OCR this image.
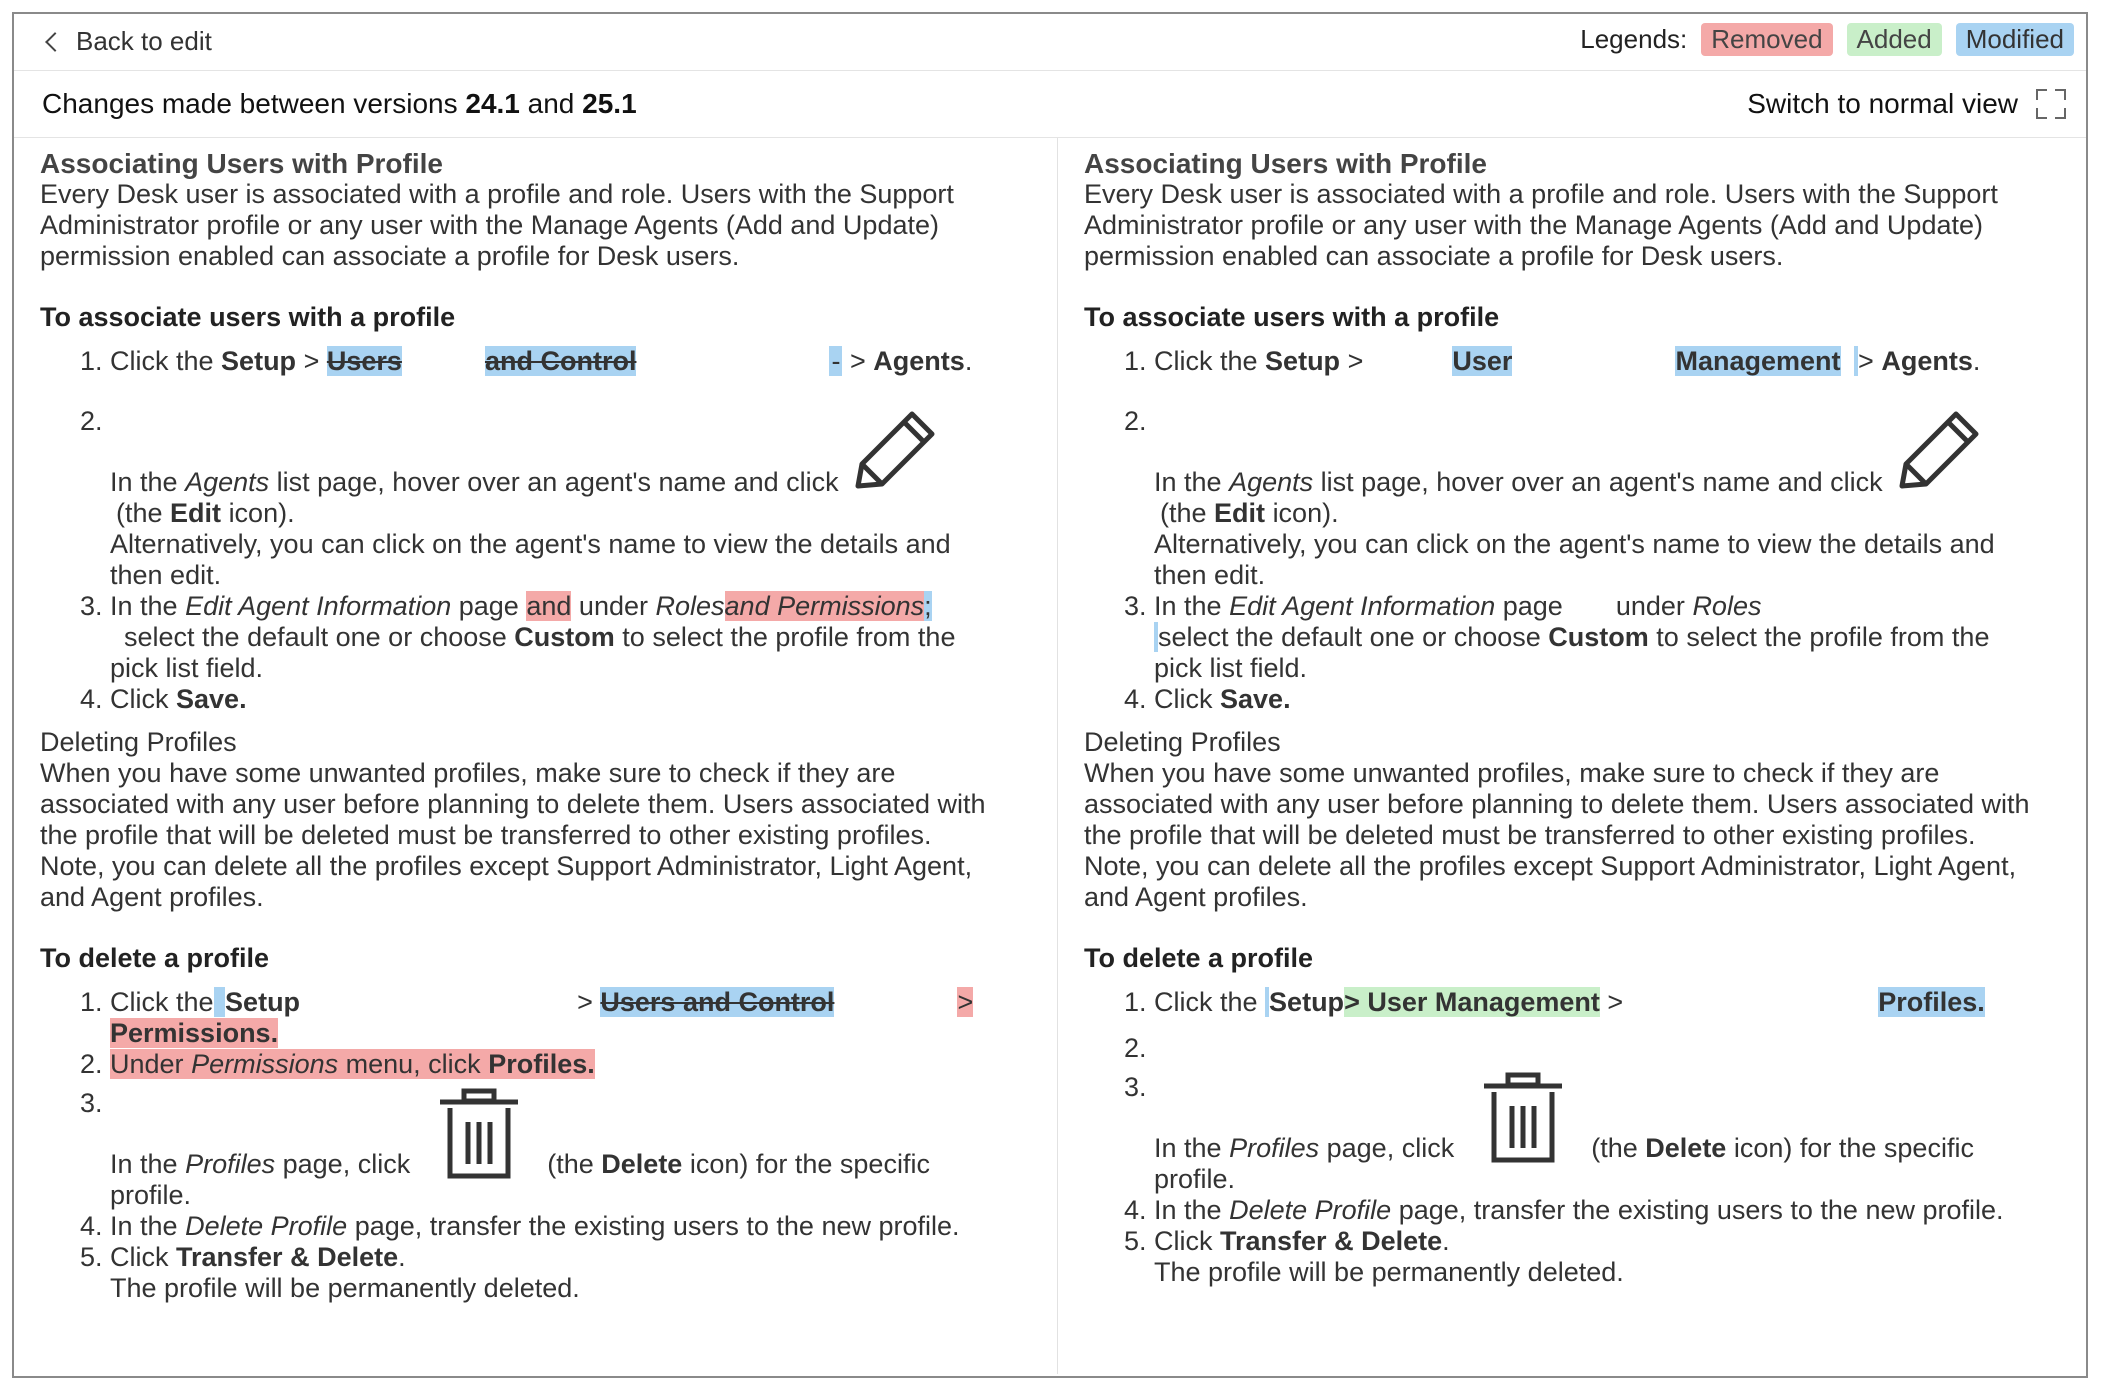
Back to edit	Legends: Removed	Added	Modified
Changes made between versions 24.1 and 25.1	Switch to normal view
Associating Users with Profile

Every Desk user is associated with a profile and role. Users with the Support

Administrator profile or any user with the Manage Agents (Add and Update)

permission enabled can associate a profile for Desk users.

To associate users with a profile
1. Click the Setup > Users	and Control	- > Agents.
2.
In the Agents list page, hover over an agent's name and click
(the Edit icon).
Alternatively, you can click on the agent's name to view the details and
then edit.
3. In the Edit Agent Information page and under Rolesand Permissions;
select the default one or choose Custom to select the profile from the
pick list field.
4. Click Save.
Deleting Profiles

When you have some unwanted profiles, make sure to check if they are

associated with any user before planning to delete them. Users associated with

the profile that will be deleted must be transferred to other existing profiles.

Note, you can delete all the profiles except Support Administrator, Light Agent,

and Agent profiles.

To delete a profile
1. Click the Setup	> Users and Control	>
Permissions.
2. Under Permissions menu, click Profiles.
3.
In the Profiles page, click	(the Delete icon) for the specific
profile.
4. In the Delete Profile page, transfer the existing users to the new profile.
5. Click Transfer & Delete.
The profile will be permanently deleted.
Associating Users with Profile

Every Desk user is associated with a profile and role. Users with the Support

Administrator profile or any user with the Manage Agents (Add and Update)

permission enabled can associate a profile for Desk users.

To associate users with a profile
1. Click the Setup >	User	Management > Agents.
2.
In the Agents list page, hover over an agent's name and click
(the Edit icon).
Alternatively, you can click on the agent's name to view the details and
then edit.
3. In the Edit Agent Information page under Roles
select the default one or choose Custom to select the profile from the
pick list field.
4. Click Save.
Deleting Profiles

When you have some unwanted profiles, make sure to check if they are

associated with any user before planning to delete them. Users associated with

the profile that will be deleted must be transferred to other existing profiles.

Note, you can delete all the profiles except Support Administrator, Light Agent,

and Agent profiles.

To delete a profile
1. Click the Setup> User Management >	Profiles.
2.

3.
In the Profiles page, click	(the Delete icon) for the specific
profile.
4. In the Delete Profile page, transfer the existing users to the new profile.
5. Click Transfer & Delete.
The profile will be permanently deleted.
